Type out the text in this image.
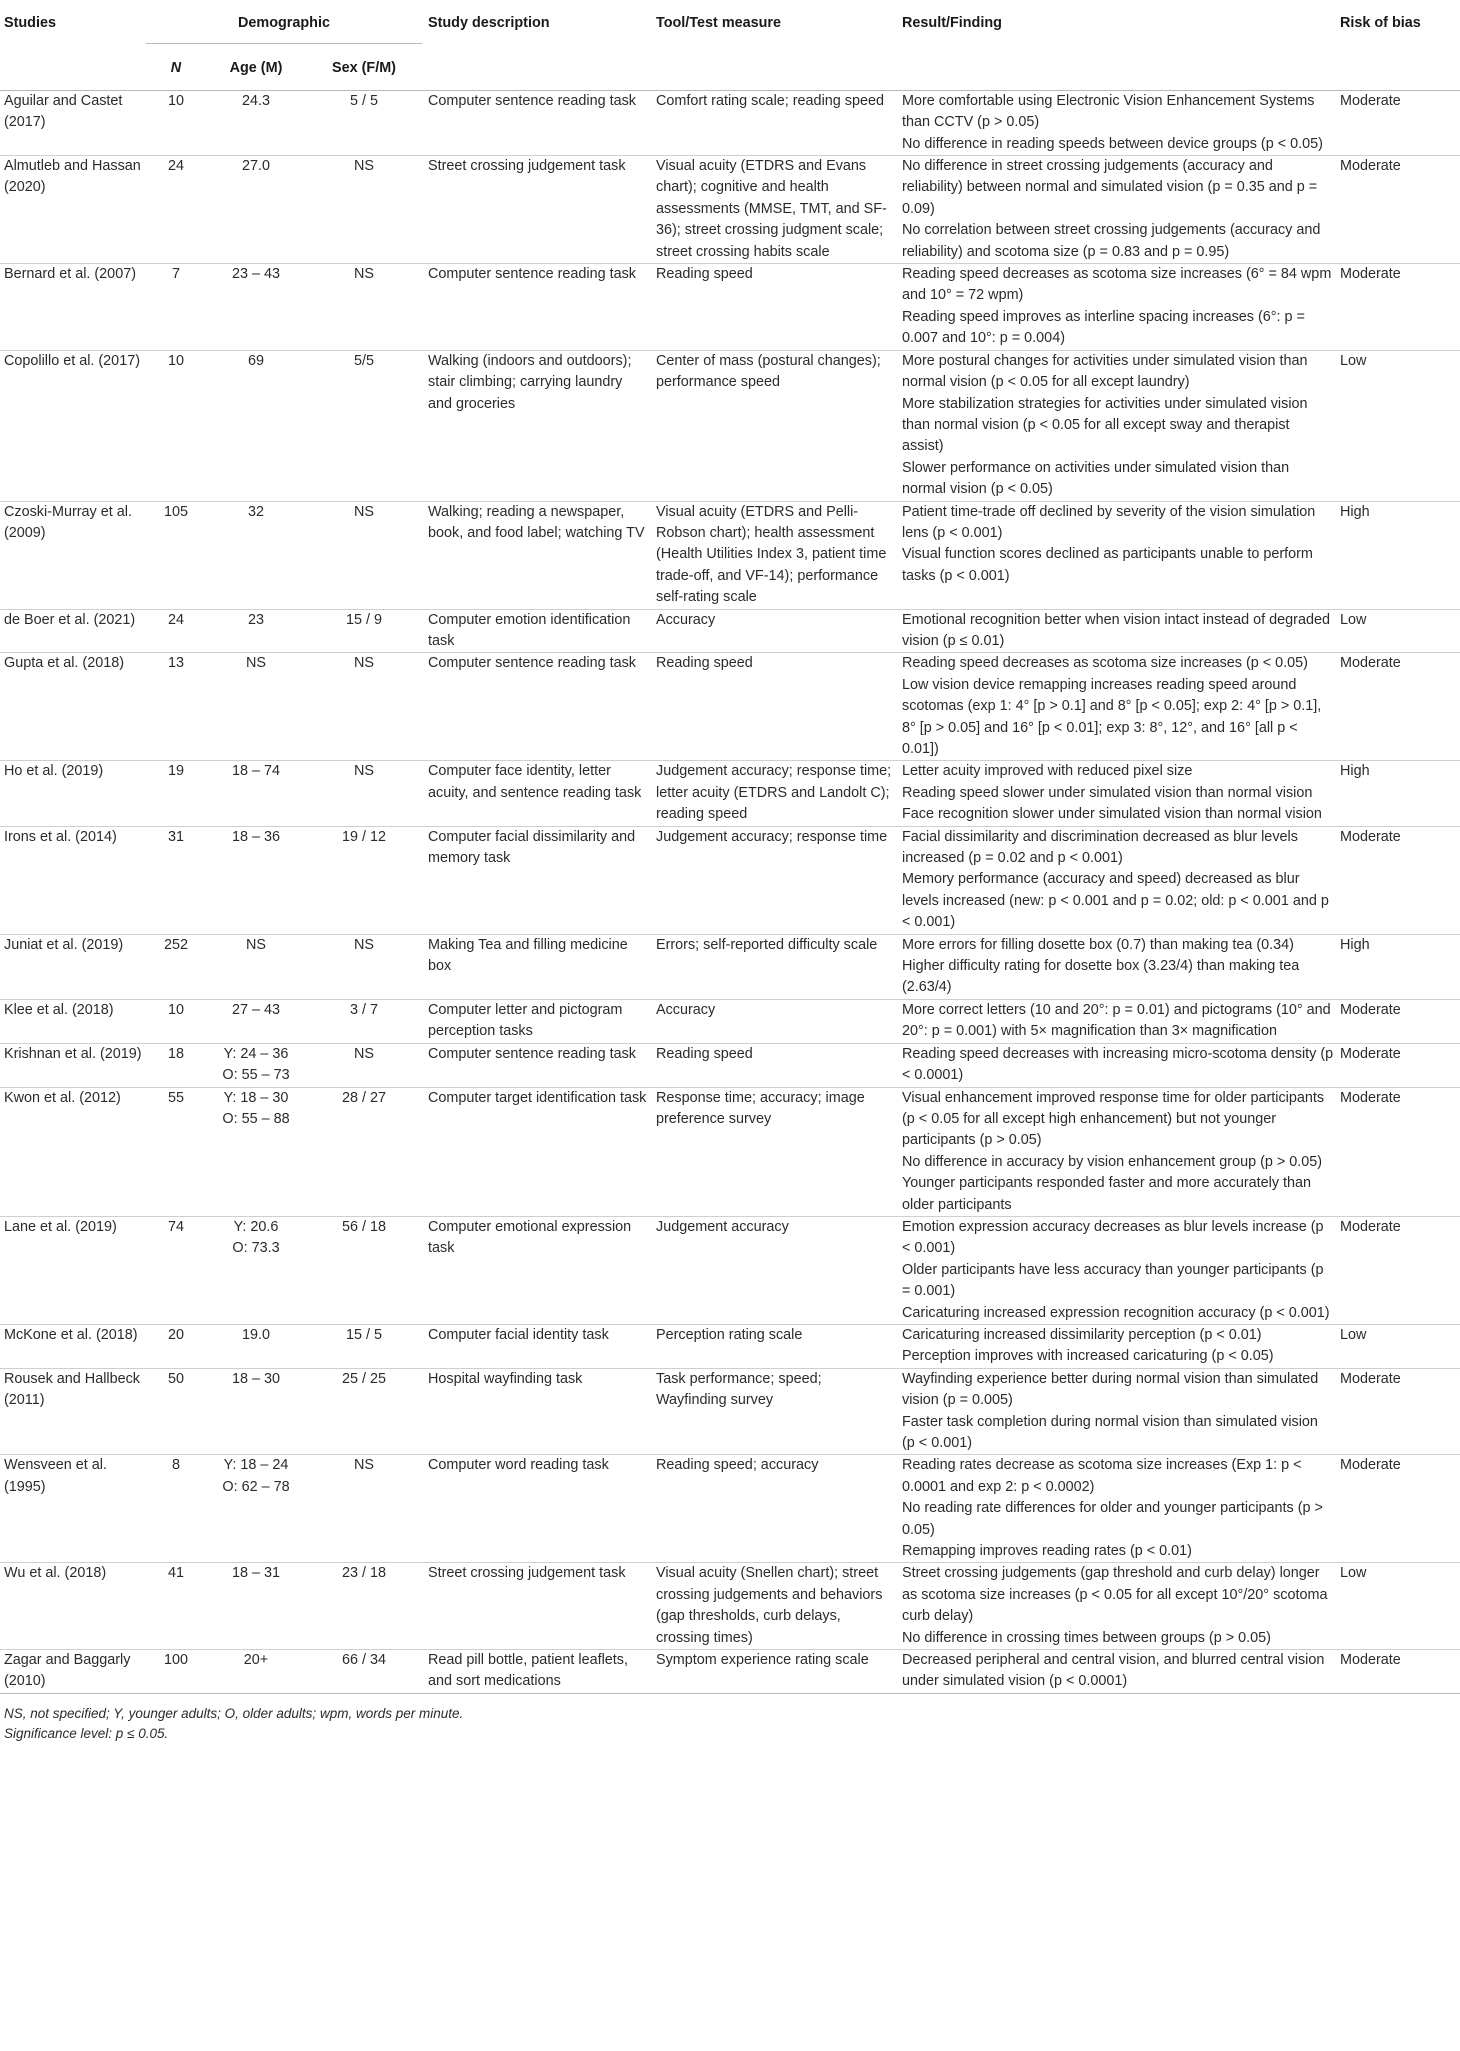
Studies	Demographic			Study description	Tool/Test measure	Result/Finding	Risk of bias
	N	Age (M)	Sex (F/M)				
Aguilar and Castet (2017)	10	24.3	5 / 5	Computer sentence reading task	Comfort rating scale; reading speed	More comfortable using Electronic Vision Enhancement Systems than CCTV (p > 0.05)
No difference in reading speeds between device groups (p < 0.05)	Moderate
Almutleb and Hassan (2020)	24	27.0	NS	Street crossing judgement task	Visual acuity (ETDRS and Evans chart); cognitive and health assessments (MMSE, TMT, and SF-36); street crossing judgment scale; street crossing habits scale	No difference in street crossing judgements (accuracy and reliability) between normal and simulated vision (p = 0.35 and p = 0.09)
No correlation between street crossing judgements (accuracy and reliability) and scotoma size (p = 0.83 and p = 0.95)	Moderate
Bernard et al. (2007)	7	23 – 43	NS	Computer sentence reading task	Reading speed	Reading speed decreases as scotoma size increases (6° = 84 wpm and 10° = 72 wpm)
Reading speed improves as interline spacing increases (6°: p = 0.007 and 10°: p = 0.004)	Moderate
Copolillo et al. (2017)	10	69	5/5	Walking (indoors and outdoors); stair climbing; carrying laundry and groceries	Center of mass (postural changes); performance speed	More postural changes for activities under simulated vision than normal vision (p < 0.05 for all except laundry)
More stabilization strategies for activities under simulated vision than normal vision (p < 0.05 for all except sway and therapist assist)
Slower performance on activities under simulated vision than normal vision (p < 0.05)	Low
Czoski-Murray et al. (2009)	105	32	NS	Walking; reading a newspaper, book, and food label; watching TV	Visual acuity (ETDRS and Pelli-Robson chart); health assessment (Health Utilities Index 3, patient time trade-off, and VF-14); performance self-rating scale	Patient time-trade off declined by severity of the vision simulation lens (p < 0.001)
Visual function scores declined as participants unable to perform tasks (p < 0.001)	High
de Boer et al. (2021)	24	23	15 / 9	Computer emotion identification task	Accuracy	Emotional recognition better when vision intact instead of degraded vision (p ≤ 0.01)	Low
Gupta et al. (2018)	13	NS	NS	Computer sentence reading task	Reading speed	Reading speed decreases as scotoma size increases (p < 0.05)
Low vision device remapping increases reading speed around scotomas (exp 1: 4° [p > 0.1] and 8° [p < 0.05]; exp 2: 4° [p > 0.1], 8° [p > 0.05] and 16° [p < 0.01]; exp 3: 8°, 12°, and 16° [all p < 0.01])	Moderate
Ho et al. (2019)	19	18 – 74	NS	Computer face identity, letter acuity, and sentence reading task	Judgement accuracy; response time; letter acuity (ETDRS and Landolt C); reading speed	Letter acuity improved with reduced pixel size
Reading speed slower under simulated vision than normal vision
Face recognition slower under simulated vision than normal vision	High
Irons et al. (2014)	31	18 – 36	19 / 12	Computer facial dissimilarity and memory task	Judgement accuracy; response time	Facial dissimilarity and discrimination decreased as blur levels increased (p = 0.02 and p < 0.001)
Memory performance (accuracy and speed) decreased as blur levels increased (new: p < 0.001 and p = 0.02; old: p < 0.001 and p < 0.001)	Moderate
Juniat et al. (2019)	252	NS	NS	Making Tea and filling medicine box	Errors; self-reported difficulty scale	More errors for filling dosette box (0.7) than making tea (0.34)
Higher difficulty rating for dosette box (3.23/4) than making tea (2.63/4)	High
Klee et al. (2018)	10	27 – 43	3 / 7	Computer letter and pictogram perception tasks	Accuracy	More correct letters (10 and 20°: p = 0.01) and pictograms (10° and 20°: p = 0.001) with 5× magnification than 3× magnification	Moderate
Krishnan et al. (2019)	18	Y: 24 – 36
O: 55 – 73	NS	Computer sentence reading task	Reading speed	Reading speed decreases with increasing micro-scotoma density (p < 0.0001)	Moderate
Kwon et al. (2012)	55	Y: 18 – 30
O: 55 – 88	28 / 27	Computer target identification task	Response time; accuracy; image preference survey	Visual enhancement improved response time for older participants (p < 0.05 for all except high enhancement) but not younger participants (p > 0.05)
No difference in accuracy by vision enhancement group (p > 0.05)
Younger participants responded faster and more accurately than older participants	Moderate
Lane et al. (2019)	74	Y: 20.6
O: 73.3	56 / 18	Computer emotional expression task	Judgement accuracy	Emotion expression accuracy decreases as blur levels increase (p < 0.001)
Older participants have less accuracy than younger participants (p = 0.001)
Caricaturing increased expression recognition accuracy (p < 0.001)	Moderate
McKone et al. (2018)	20	19.0	15 / 5	Computer facial identity task	Perception rating scale	Caricaturing increased dissimilarity perception (p < 0.01)
Perception improves with increased caricaturing (p < 0.05)	Low
Rousek and Hallbeck (2011)	50	18 – 30	25 / 25	Hospital wayfinding task	Task performance; speed; Wayfinding survey	Wayfinding experience better during normal vision than simulated vision (p = 0.005)
Faster task completion during normal vision than simulated vision (p < 0.001)	Moderate
Wensveen et al. (1995)	8	Y: 18 – 24
O: 62 – 78	NS	Computer word reading task	Reading speed; accuracy	Reading rates decrease as scotoma size increases (Exp 1: p < 0.0001 and exp 2: p < 0.0002)
No reading rate differences for older and younger participants (p > 0.05)
Remapping improves reading rates (p < 0.01)	Moderate
Wu et al. (2018)	41	18 – 31	23 / 18	Street crossing judgement task	Visual acuity (Snellen chart); street crossing judgements and behaviors (gap thresholds, curb delays, crossing times)	Street crossing judgements (gap threshold and curb delay) longer as scotoma size increases (p < 0.05 for all except 10°/20° scotoma curb delay)
No difference in crossing times between groups (p > 0.05)	Low
Zagar and Baggarly (2010)	100	20+	66 / 34	Read pill bottle, patient leaflets, and sort medications	Symptom experience rating scale	Decreased peripheral and central vision, and blurred central vision under simulated vision (p < 0.0001)	Moderate
NS, not specified; Y, younger adults; O, older adults; wpm, words per minute.
Significance level: p ≤ 0.05.
